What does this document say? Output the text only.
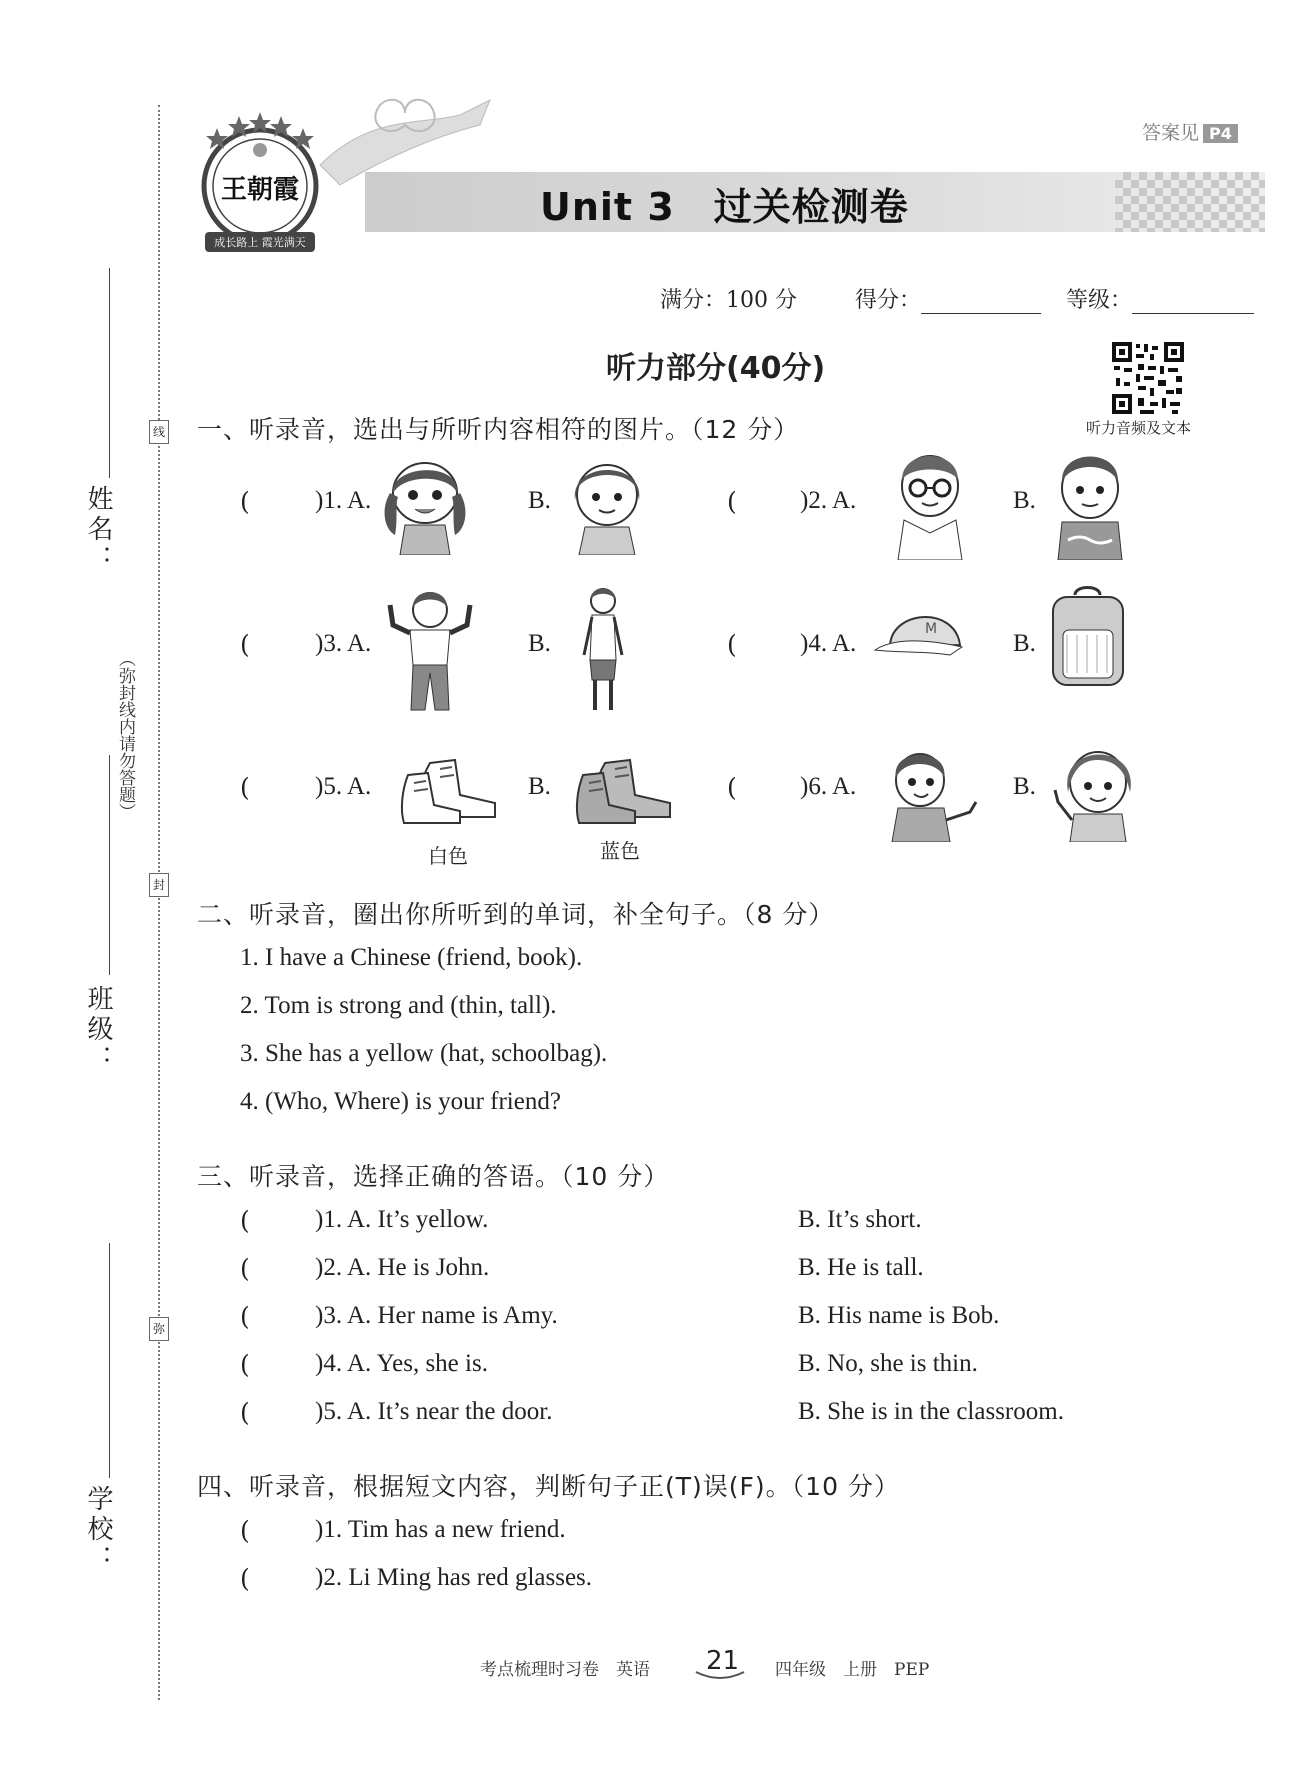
线
封
弥
姓名：
班级：
学校：
（弥封线内请勿答题）
王朝霞
成长路上 霞光满天
答案见 P4
Unit 3　过关检测卷
满分：100 分	得分：	等级：
听力部分(40分)
听力音频及文本
一、听录音，选出与所听内容相符的图片。（12 分）
(	)1. A.	B.	(	)2. A.	B.
(	)3. A.	B.	(	)4. A.	B.
M
(	)5. A.	B.	(	)6. A.	B.
白色	蓝色
二、听录音，圈出你所听到的单词，补全句子。（8 分）
1. I have a Chinese (friend, book).
2. Tom is strong and (thin, tall).
3. She has a yellow (hat, schoolbag).
4. (Who, Where) is your friend?
三、听录音，选择正确的答语。（10 分）
(	)1. A. It’s yellow.	B. It’s short.
(	)2. A. He is John.	B. He is tall.
(	)3. A. Her name is Amy.	B. His name is Bob.
(	)4. A. Yes, she is.	B. No, she is thin.
(	)5. A. It’s near the door.	B. She is in the classroom.
四、听录音，根据短文内容，判断句子正(T)误(F)。（10 分）
(	)1. Tim has a new friend.
(	)2. Li Ming has red glasses.
考点梳理时习卷　英语 21 四年级　上册　PEP
